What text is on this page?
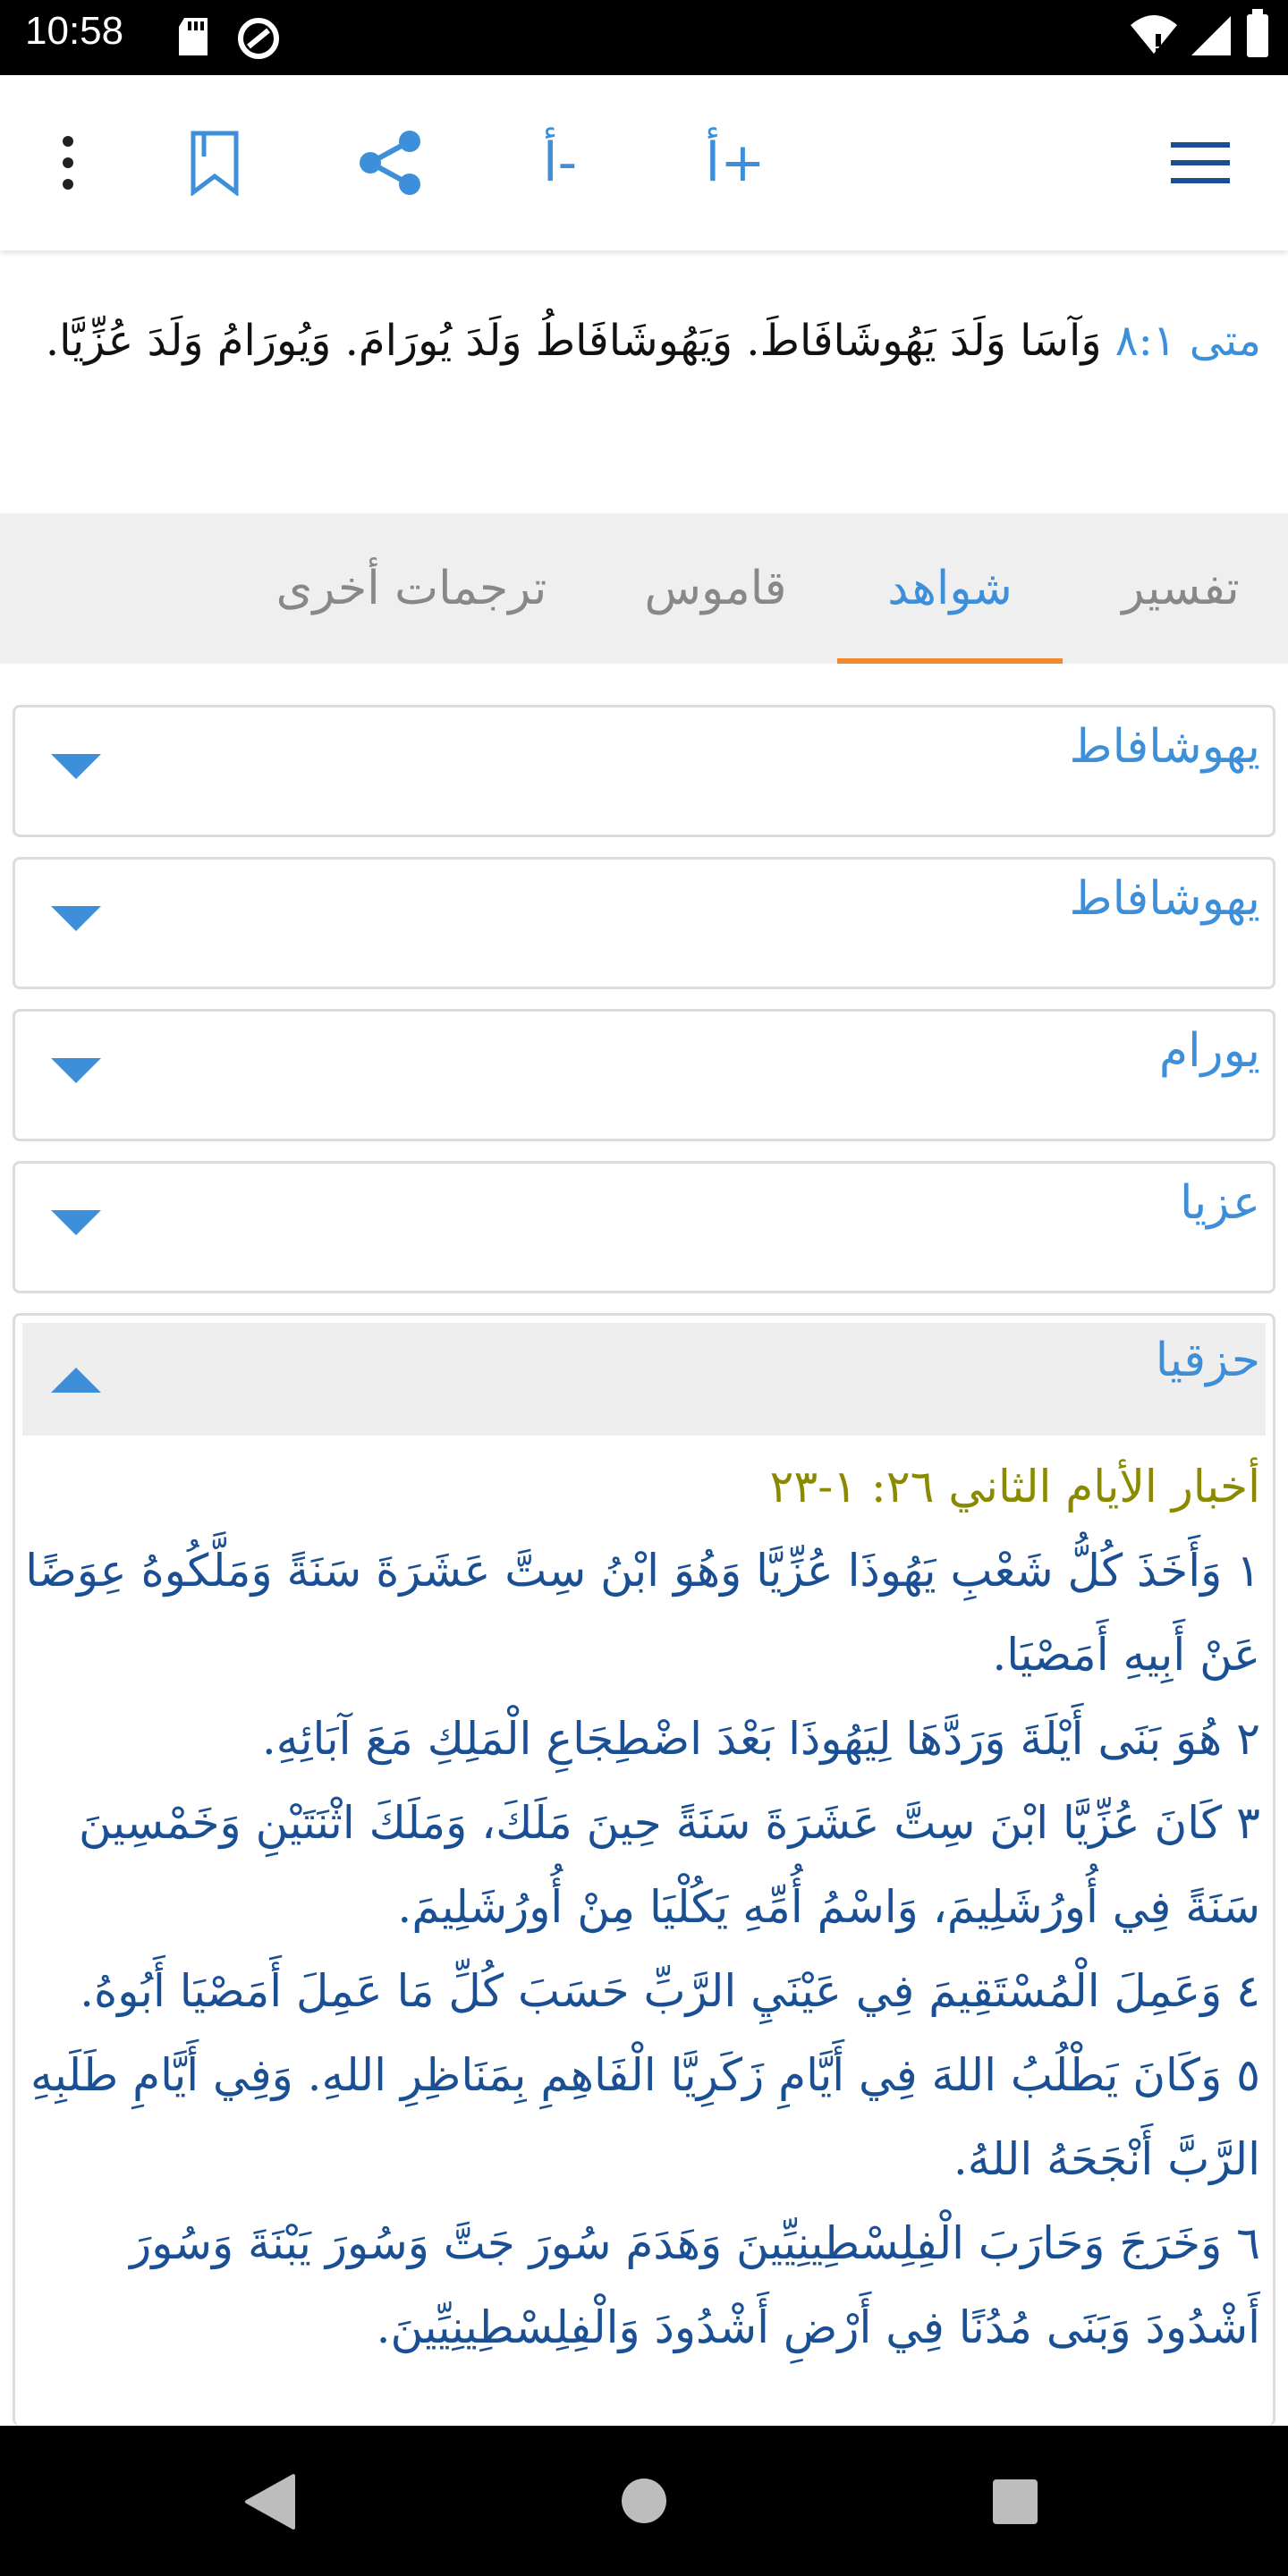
10:58
أ- أ+
متى ٨:١ وَآسَا وَلَدَ يَهُوشَافَاطَ. وَيَهُوشَافَاطُ وَلَدَ يُورَامَ. وَيُورَامُ وَلَدَ عُزِّيَّا.
تفسير
شواهد
قاموس
ترجمات أخرى
يهوشافاط
يهوشافاط
يورام
عزيا
حزقيا

أخبار الأيام الثاني ٢٦: ١-٢٣

١ وَأَخَذَ كُلُّ شَعْبِ يَهُوذَا عُزِّيَّا وَهُوَ ابْنُ سِتَّ عَشَرَةَ سَنَةً وَمَلَّكُوهُ عِوَضًا عَنْ أَبِيهِ أَمَصْيَا.

٢ هُوَ بَنَى أَيْلَةَ وَرَدَّهَا لِيَهُوذَا بَعْدَ اضْطِجَاعِ الْمَلِكِ مَعَ آبَائِهِ.

٣ كَانَ عُزِّيَّا ابْنَ سِتَّ عَشَرَةَ سَنَةً حِينَ مَلَكَ، وَمَلَكَ اثْنَتَيْنِ وَخَمْسِينَ سَنَةً فِي أُورُشَلِيمَ، وَاسْمُ أُمِّهِ يَكُلْيَا مِنْ أُورُشَلِيمَ.

٤ وَعَمِلَ الْمُسْتَقِيمَ فِي عَيْنَيِ الرَّبِّ حَسَبَ كُلِّ مَا عَمِلَ أَمَصْيَا أَبُوهُ.

٥ وَكَانَ يَطْلُبُ اللهَ فِي أَيَّامِ زَكَرِيَّا الْفَاهِمِ بِمَنَاظِرِ اللهِ. وَفِي أَيَّامِ طَلَبِهِ الرَّبَّ أَنْجَحَهُ اللهُ.

٦ وَخَرَجَ وَحَارَبَ الْفِلِسْطِينِيِّينَ وَهَدَمَ سُورَ جَتَّ وَسُورَ يَبْنَةَ وَسُورَ أَشْدُودَ وَبَنَى مُدُنًا فِي أَرْضِ أَشْدُودَ وَالْفِلِسْطِينِيِّينَ.
